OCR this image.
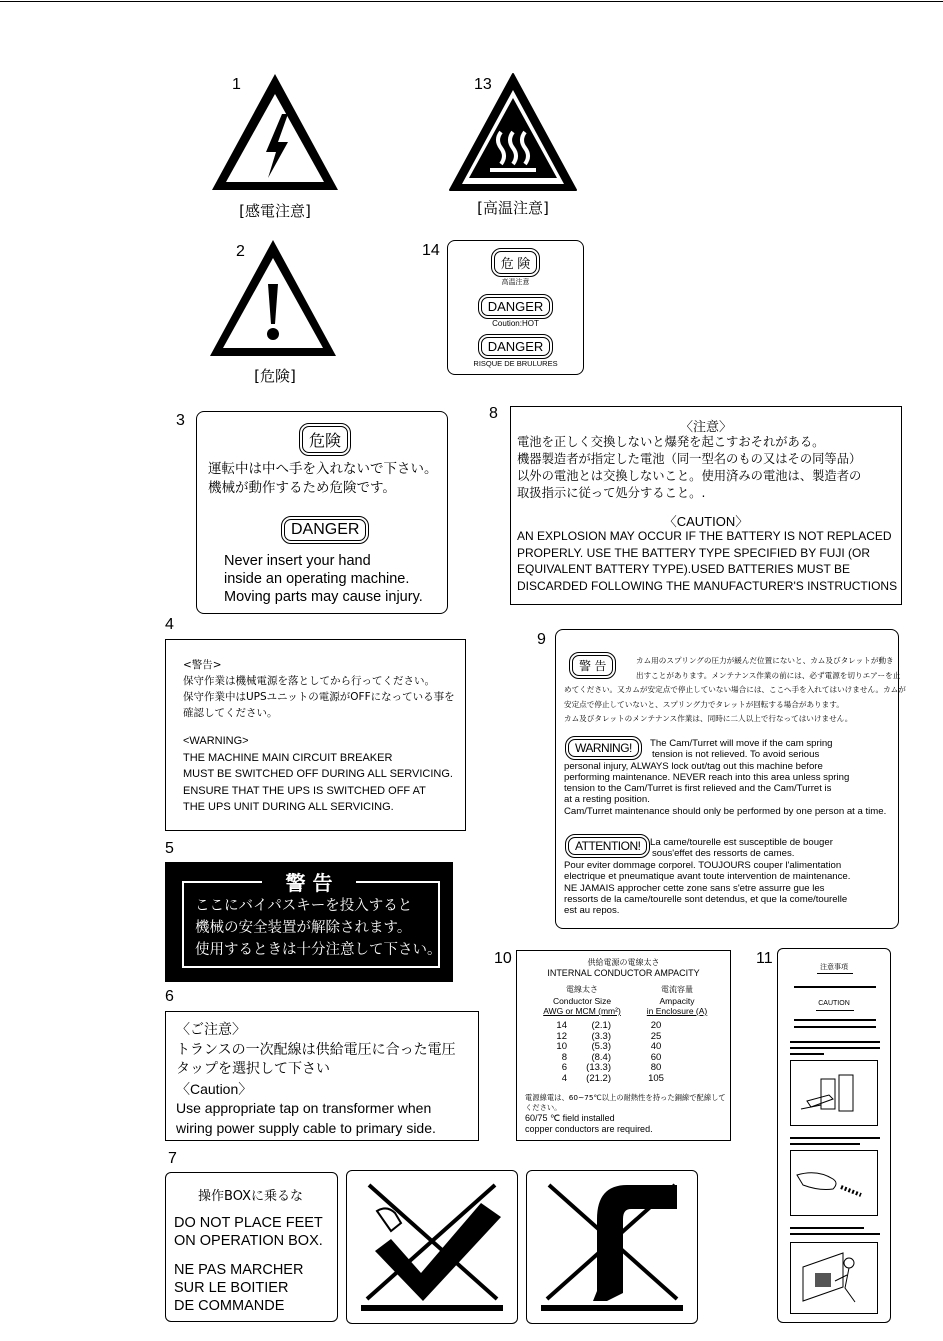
1
[感電注意]
13
[高温注意]
2
[危険]
14
危 険
高温注意
DANGER
Coution:HOT
DANGER
RISQUE DE BRULURES
3
危険
運転中は中へ手を入れないで下さい。
機械が動作するため危険です。
DANGER
Never insert your hand
inside an operating machine.
Moving parts may cause injury.
8
〈注意〉
電池を正しく交換しないと爆発を起こすおそれがある。
機器製造者が指定した電池（同一型名のもの又はその同等品）
以外の電池とは交換しないこと。使用済みの電池は、製造者の
取扱指示に従って処分すること。.
〈CAUTION〉
AN EXPLOSION MAY OCCUR IF THE BATTERY IS NOT REPLACED
PROPERLY. USE THE BATTERY TYPE SPECIFIED BY FUJI (OR
EQUIVALENT BATTERY TYPE).USED BATTERIES MUST BE
DISCARDED FOLLOWING THE MANUFACTURER'S INSTRUCTIONS
4
<警告>
保守作業は機械電源を落としてから行ってください。
保守作業中はUPSユニットの電源がOFFになっている事を
確認してください。
<WARNING>
THE MACHINE MAIN CIRCUIT BREAKER
MUST BE SWITCHED OFF DURING ALL SERVICING.
ENSURE THAT THE UPS IS SWITCHED OFF AT
THE UPS UNIT DURING ALL SERVICING.
9
警 告	カム用のスプリングの圧力が緩んだ位置にないと、カム及びタレットが動き
出すことがあります。メンテナンス作業の前には、必ず電源を切りエアーを止
めてください。又カムが安定点で停止していない場合には、ここへ手を入れてはいけません。カムが
安定点で停止していないと、スプリング力でタレットが回転する場合があります。
カム及びタレットのメンテナンス作業は、同時に二人以上で行なってはいけません。
WARNING!	The Cam/Turret will move if the cam spring
tension is not relieved. To avoid serious
personal injury, ALWAYS lock out/tag out this machine before
performing maintenance. NEVER reach into this area unless spring
tension to the Cam/Turret is first relieved and the Cam/Turret is
at a resting position.
Cam/Turret maintenance should only be performed by one person at a time.
ATTENTION! La came/tourelle est susceptible de bouger
sous'effet des ressorts de cames.
Pour eviter dommage corporel. TOUJOURS couper l'alimentation
electrique et pneumatique avant toute intervention de maintenance.
NE JAMAIS approcher cette zone sans s'etre assurre gue les
ressorts de la came/tourelle sont detendus, et que la come/tourelle
est au repos.
5
警 告
ここにバイパスキーを投入すると
機械の安全装置が解除されます。
使用するときは十分注意して下さい。
6
〈ご注意〉
トランスの一次配線は供給電圧に合った電圧
タップを選択して下さい
〈Caution〉
Use appropriate tap on transformer when
wiring power supply cable to primary side.
10	供給電源の電線太さ
INTERNAL CONDUCTOR AMPACITY
電線太さ
Conductor Size
AWG or MCM (mm²)
電流容量
Ampacity
in Enclosure (A)
14	(2.1)	20
12	(3.3)	25
10	(5.3)	40
8	(8.4)	60
6	(13.3)	80
4	(21.2)	105
電源線電は、60~75℃以上の耐熱性を持った銅線で配線して
ください。
60/75 ℃ field installed
copper conductors are required.
11	注意事項
CAUTION
7
操作BOXに乗るな
DO NOT PLACE FEET
ON OPERATION BOX.
NE PAS MARCHER
SUR LE BOITIER
DE COMMANDE
